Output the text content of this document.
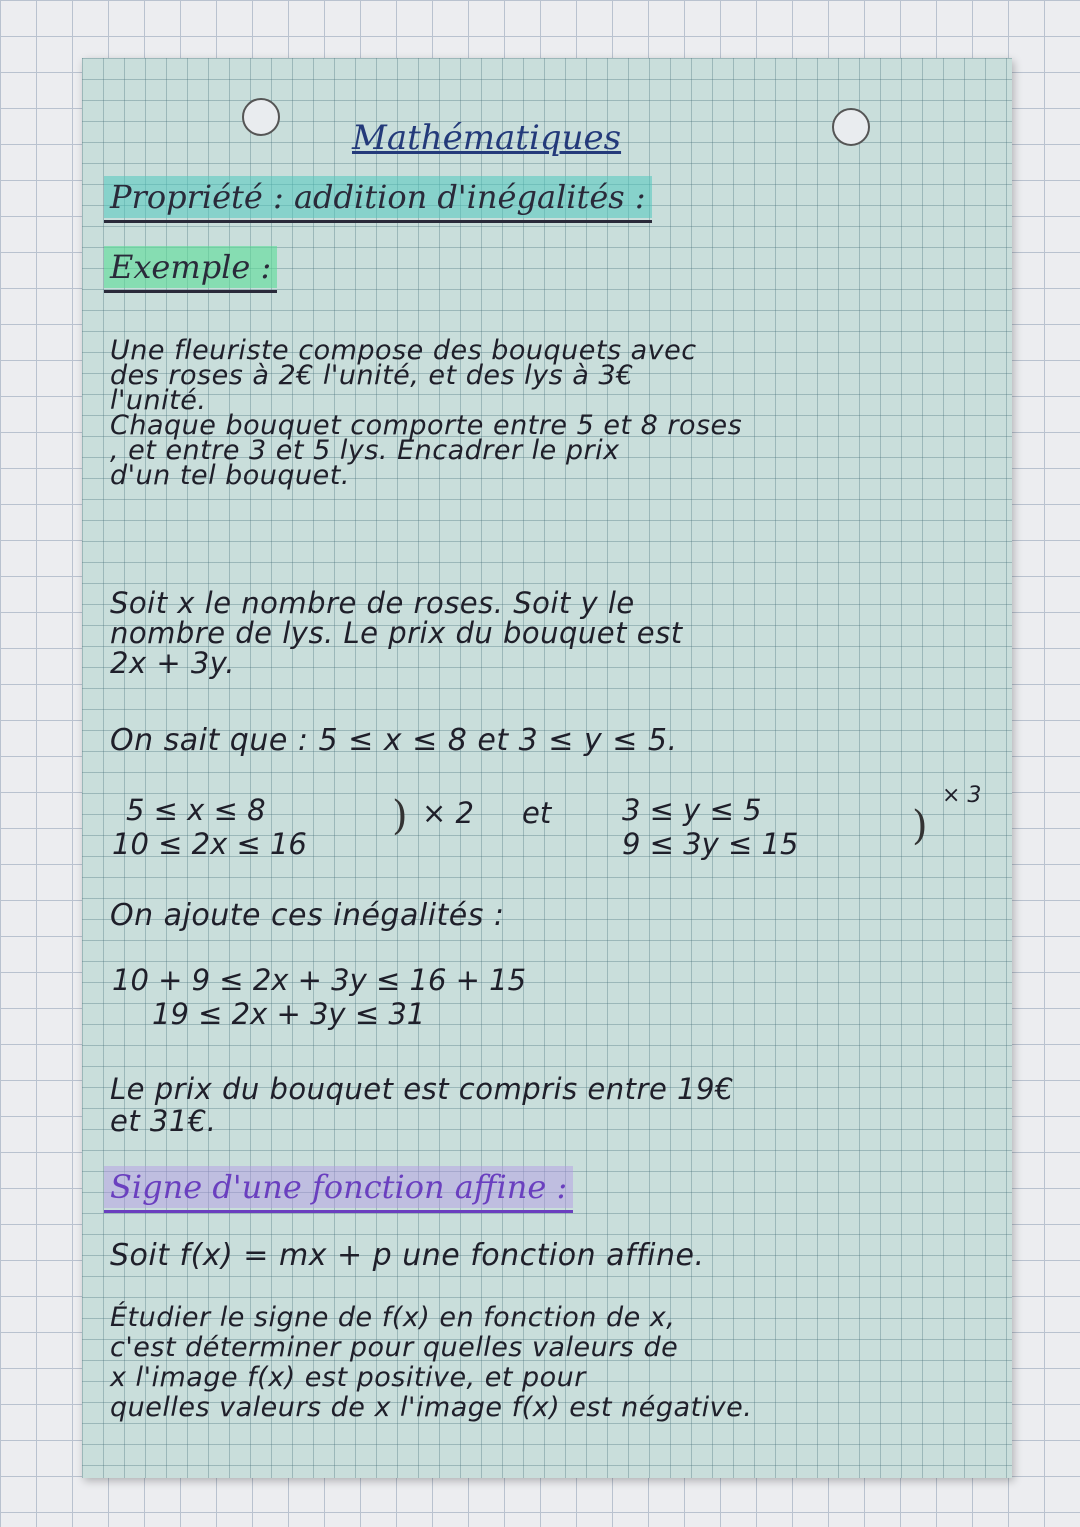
Mathématiques
Propriété : addition d'inégalités :
Exemple :
Une fleuriste compose des bouquets avec
des roses à 2€ l'unité, et des lys à 3€
l'unité.
Chaque bouquet comporte entre 5 et 8 roses
, et entre 3 et 5 lys. Encadrer le prix
d'un tel bouquet.
Soit x le nombre de roses. Soit y le
nombre de lys. Le prix du bouquet est
2x + 3y.
On sait que : 5 ≤ x ≤ 8 et 3 ≤ y ≤ 5.
5 ≤ x ≤ 8
10 ≤ 2x ≤ 16
) × 2 et 3 ≤ y ≤ 5
9 ≤ 3y ≤ 15	)
× 3
On ajoute ces inégalités :
10 + 9 ≤ 2x + 3y ≤ 16 + 15
19 ≤ 2x + 3y ≤ 31
Le prix du bouquet est compris entre 19€
et 31€.
Signe d'une fonction affine :
Soit f(x) = mx + p une fonction affine.
Étudier le signe de f(x) en fonction de x,
c'est déterminer pour quelles valeurs de
x l'image f(x) est positive, et pour
quelles valeurs de x l'image f(x) est négative.
